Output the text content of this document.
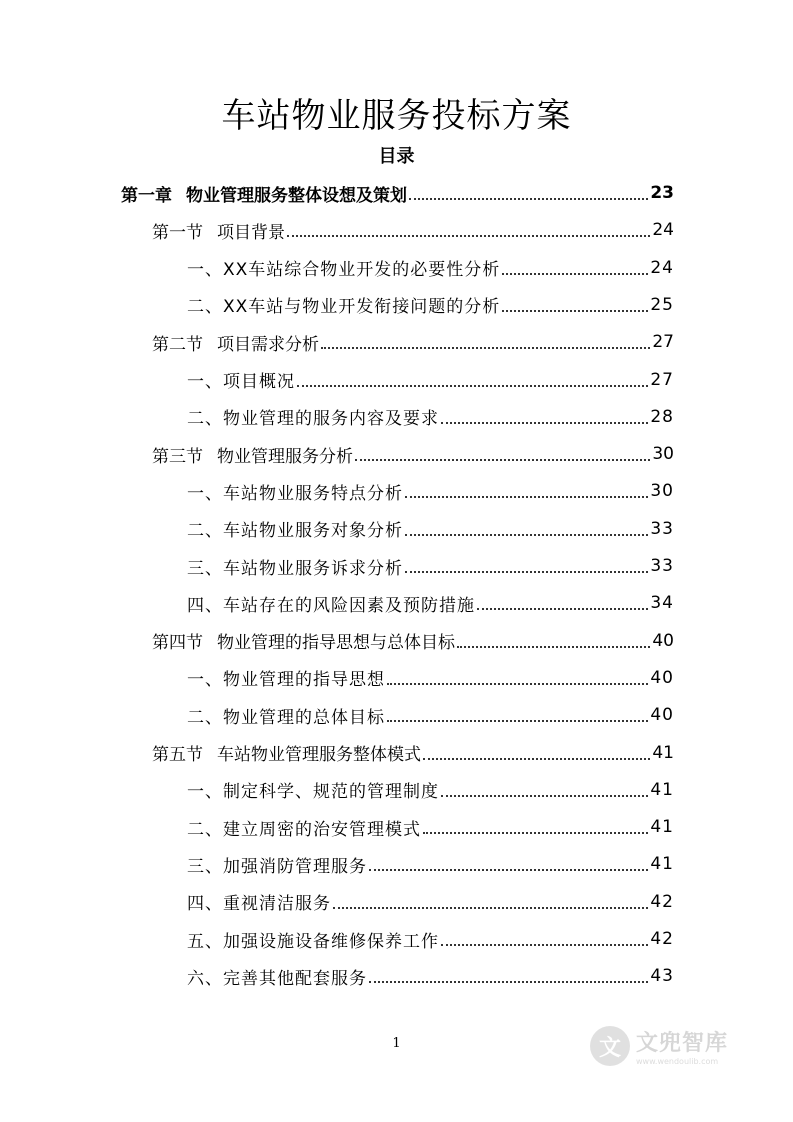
车站物业服务投标方案
目录
第一章 物业管理服务整体设想及策划	23
第一节 项目背景	24
一、 XX车站综合物业开发的必要性分析	24
二、 XX车站与物业开发衔接问题的分析	25
第二节 项目需求分析	27
一、 项目概况	27
二、 物业管理的服务内容及要求	28
第三节 物业管理服务分析	30
一、 车站物业服务特点分析	30
二、 车站物业服务对象分析	33
三、 车站物业服务诉求分析	33
四、 车站存在的风险因素及预防措施	34
第四节 物业管理的指导思想与总体目标	40
一、 物业管理的指导思想	40
二、 物业管理的总体目标	40
第五节 车站物业管理服务整体模式	41
一、 制定科学、规范的管理制度	41
二、 建立周密的治安管理模式	41
三、 加强消防管理服务	41
四、 重视清洁服务	42
五、 加强设施设备维修保养工作	42
六、 完善其他配套服务	43
1	文 文兜智库
www.wendoulib.com
